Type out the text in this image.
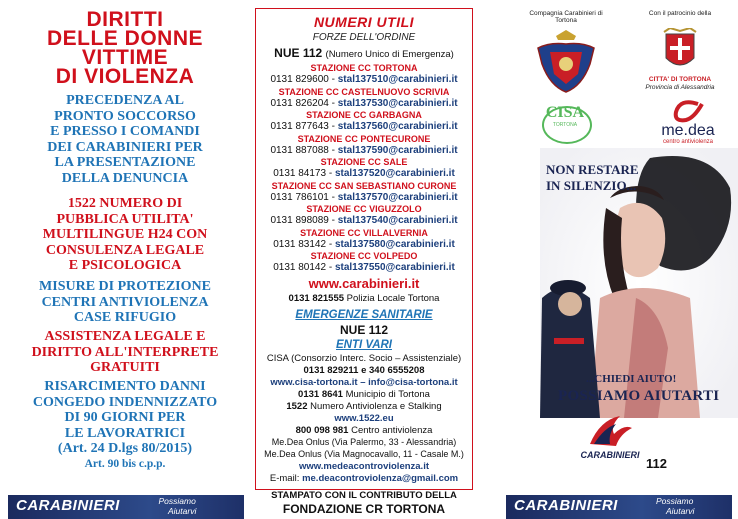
DIRITTI
DELLE DONNE
VITTIME
DI VIOLENZA
PRECEDENZA AL
PRONTO SOCCORSO
E PRESSO I COMANDI
DEI CARABINIERI PER
LA PRESENTAZIONE
DELLA DENUNCIA
1522 NUMERO DI
PUBBLICA UTILITA'
MULTILINGUE H24 CON
CONSULENZA LEGALE
E PSICOLOGICA
MISURE DI PROTEZIONE
CENTRI ANTIVIOLENZA
CASE RIFUGIO
ASSISTENZA LEGALE E
DIRITTO ALL'INTERPRETE
GRATUITI
RISARCIMENTO DANNI
CONGEDO INDENNIZZATO
DI 90 GIORNI PER
LE LAVORATRICI
(Art. 24 D.lgs 80/2015)
Art. 90 bis c.p.p.
CARABINIERI	Possiamo
Aiutarvi
NUMERI UTILI
FORZE DELL'ORDINE
NUE 112 (Numero Unico di Emergenza)
STAZIONE CC TORTONA
0131 829600 - stal137510@carabinieri.it
STAZIONE CC CASTELNUOVO SCRIVIA
0131 826204 - stal137530@carabinieri.it
STAZIONE CC GARBAGNA
0131 877643 - stal137560@carabinieri.it
STAZIONE CC PONTECURONE
0131 887088 - stal137590@carabinieri.it
STAZIONE CC SALE
0131 84173 - stal137520@carabinieri.it
STAZIONE CC SAN SEBASTIANO CURONE
0131 786101 - stal137570@carabinieri.it
STAZIONE CC VIGUZZOLO
0131 898089 - stal137540@carabinieri.it
STAZIONE CC VILLALVERNIA
0131 83142 - stal137580@carabinieri.it
STAZIONE CC VOLPEDO
0131 80142 - stal137550@carabinieri.it
www.carabinieri.it
0131 821555 Polizia Locale Tortona
EMERGENZE SANITARIE
NUE 112
ENTI VARI
CISA (Consorzio Interc. Socio – Assistenziale)
0131 829211 e 340 6555208
www.cisa-tortona.it – info@cisa-tortona.it
0131 8641 Municipio di Tortona
1522 Numero Antiviolenza e Stalking
www.1522.eu
800 098 981 Centro antiviolenza
Me.Dea Onlus (Via Palermo, 33 - Alessandria)
Me.Dea Onlus (Via Magnocavallo, 11 - Casale M.)
www.medeacontroviolenza.it
E-mail: me.deacontroviolenza@gmail.com
STAMPATO CON IL CONTRIBUTO DELLA
FONDAZIONE CR TORTONA
Compagnia Carabinieri di Tortona
Con il patrocinio della
CITTA' DI TORTONA
Provincia di Alessandria
CISA
TORTONA	me.dea
centro antiviolenza
NON RESTARE
IN SILENZIO...
...CHIEDI AIUTO!
POSSIAMO AIUTARTI
CARABINIERI
112
CARABINIERI	Possiamo
Aiutarvi
